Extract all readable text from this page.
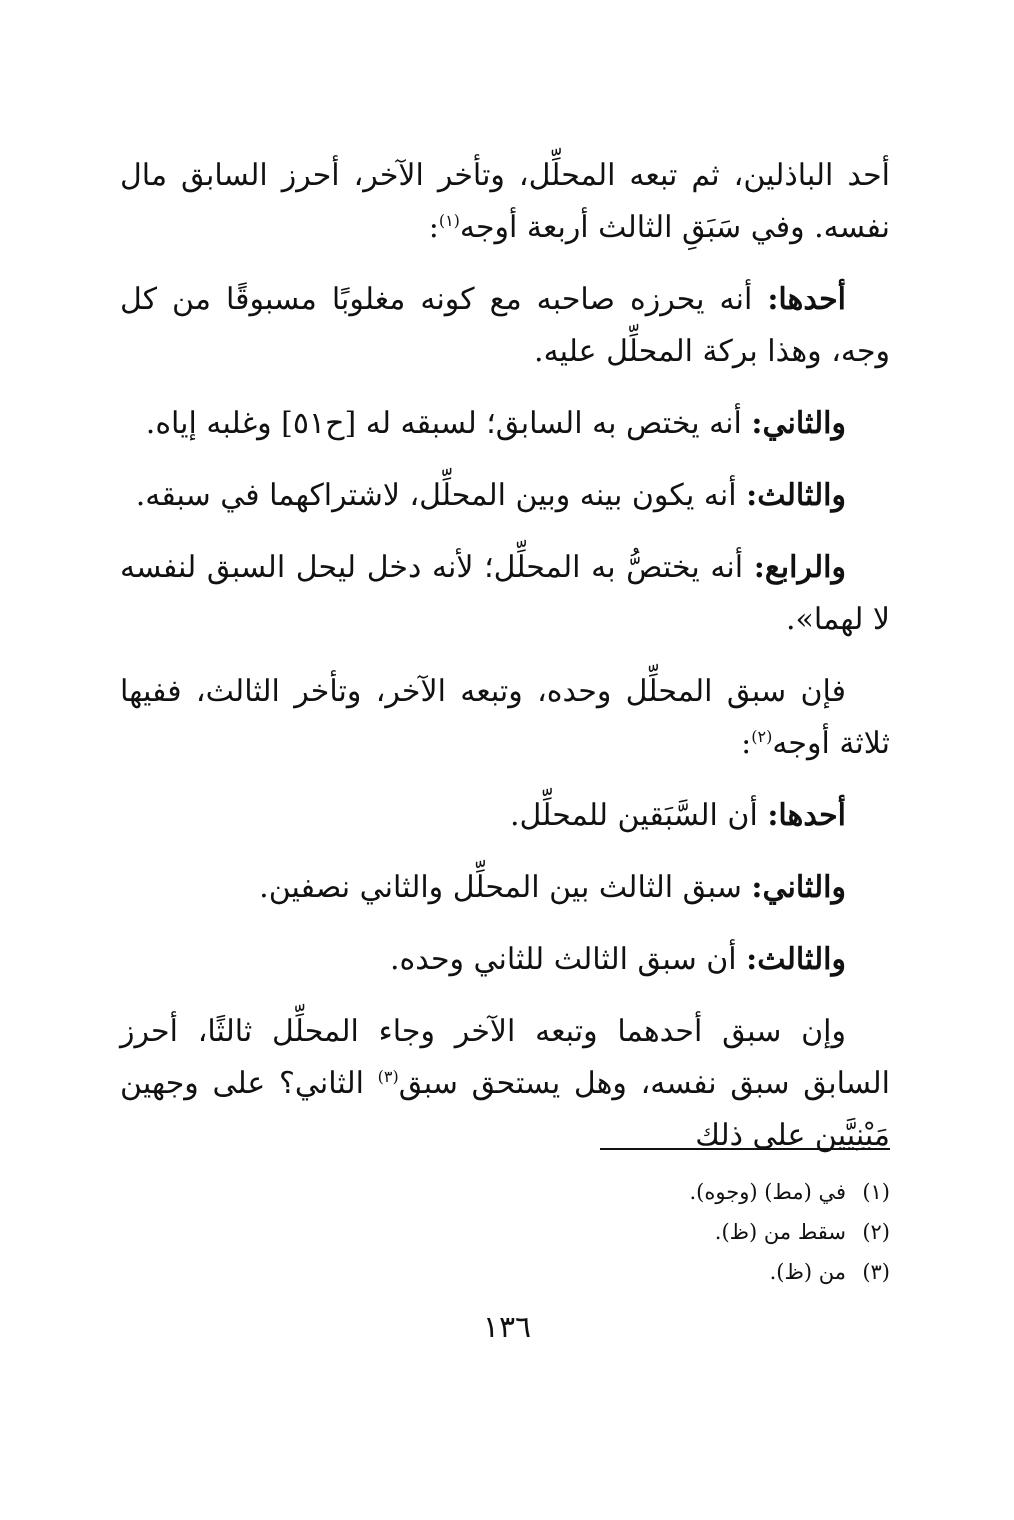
أحد الباذلين، ثم تبعه المحلِّل، وتأخر الآخر، أحرز السابق مال نفسه. وفي سَبَقِ الثالث أربعة أوجه$^{(١)}$:

أحدها: أنه يحرزه صاحبه مع كونه مغلوبًا مسبوقًا من كل وجه، وهذا بركة المحلِّل عليه.

والثاني: أنه يختص به السابق؛ لسبقه له [ح٥١] وغلبه إياه.

والثالث: أنه يكون بينه وبين المحلِّل، لاشتراكهما في سبقه.

والرابع: أنه يختصُّ به المحلِّل؛ لأنه دخل ليحل السبق لنفسه لا لهما».

فإن سبق المحلِّل وحده، وتبعه الآخر، وتأخر الثالث، ففيها ثلاثة أوجه$^{(٢)}$:

أحدها: أن السَّبَقين للمحلِّل.

والثاني: سبق الثالث بين المحلِّل والثاني نصفين.

والثالث: أن سبق الثالث للثاني وحده.

وإن سبق أحدهما وتبعه الآخر وجاء المحلِّل ثالثًا، أحرز السابق سبق نفسه، وهل يستحق سبق$^{(٣)}$ الثاني؟ على وجهين مَبْنِيَّين على ذلك

(١)في (مط) (وجوه).
(٢)سقط من (ظ).
(٣)من (ظ).
١٣٦
